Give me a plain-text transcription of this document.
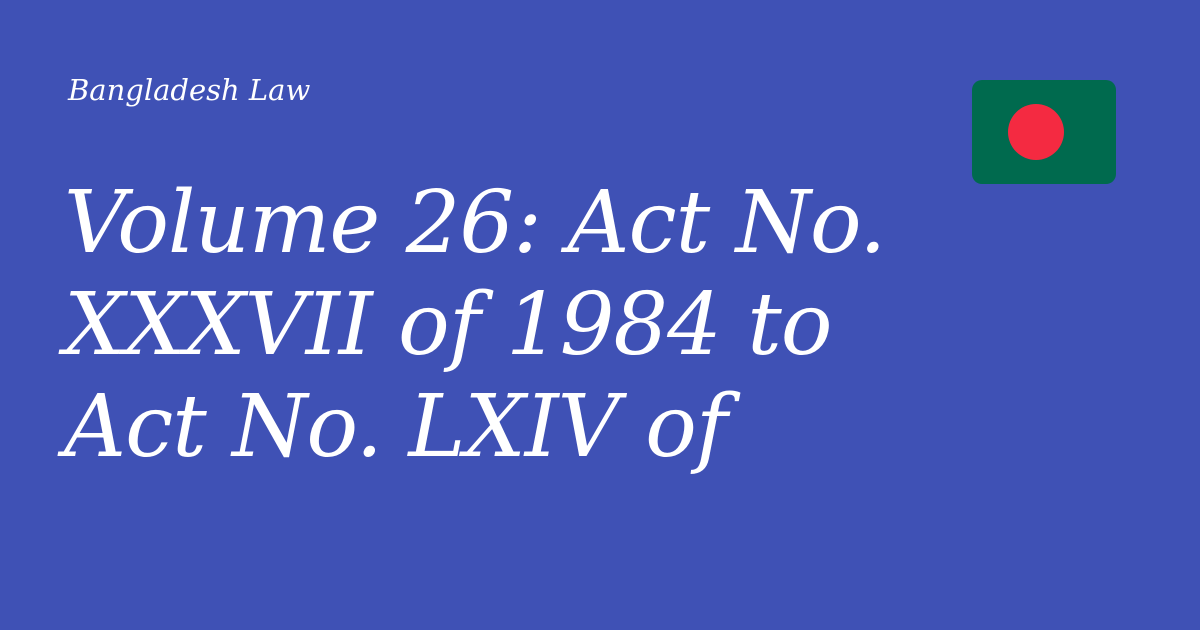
Bangladesh Law
Volume 26: Act No.
XXXVII of 1984 to
Act No. LXIV of
